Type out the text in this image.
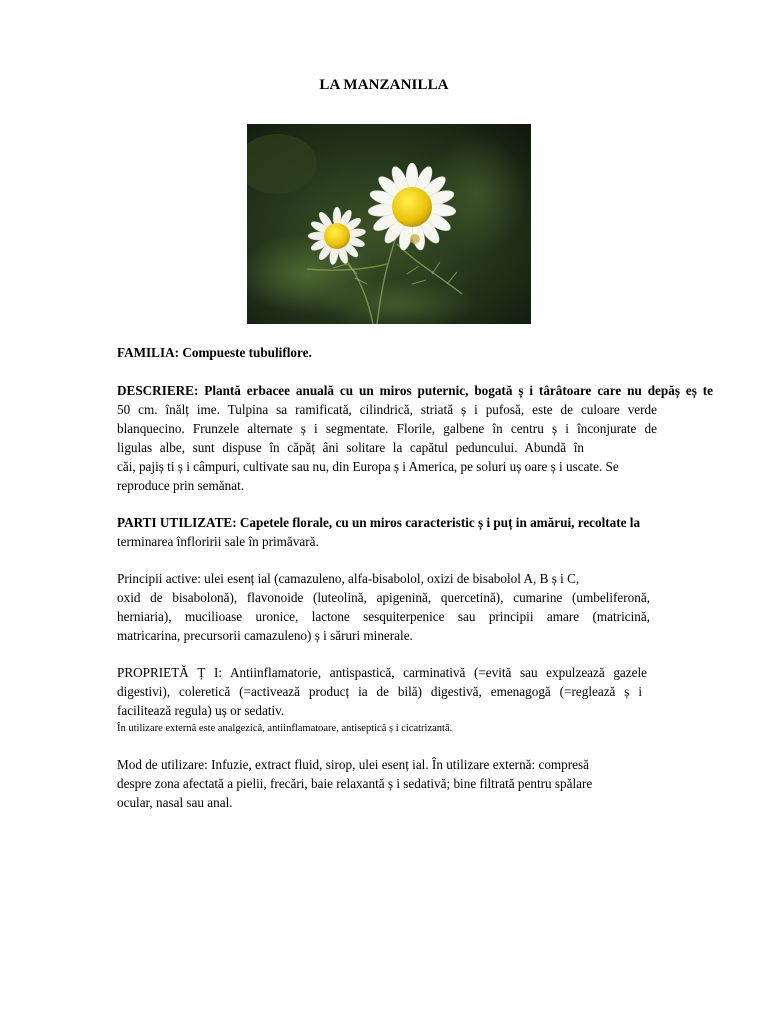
LA MANZANILLA
FAMILIA: Compueste tubuliflore.
DESCRIERE: Plantă erbacee anuală cu un miros puternic, bogată ș i târâtoare care nu depăș eș te
50 cm. înălț ime. Tulpina sa ramificată, cilindrică, striată ș i pufosă, este de culoare verde
blanquecino. Frunzele alternate ș i segmentate. Florile, galbene în centru ș i înconjurate de
ligulas albe, sunt dispuse în căpăț âni solitare la capătul peduncului. Abundă în
căi, pajiș ti ș i câmpuri, cultivate sau nu, din Europa ș i America, pe soluri uș oare ș i uscate. Se
reproduce prin semănat.
PARTI UTILIZATE: Capetele florale, cu un miros caracteristic ș i puț in amărui, recoltate la
terminarea înfloririi sale în primăvară.
Principii active: ulei esenț ial (camazuleno, alfa-bisabolol, oxizi de bisabolol A, B ș i C,
oxid de bisabolonă), flavonoide (luteolină, apigenină, quercetină), cumarine (umbeliferonă,
herniaria), mucilioase uronice, lactone sesquiterpenice sau principii amare (matricină,
matricarina, precursorii camazuleno) ș i săruri minerale.
PROPRIETĂ Ț I: Antiinflamatorie, antispastică, carminativă (=evită sau expulzează gazele
digestivi), coleretică (=activează producț ia de bilă) digestivă, emenagogă (=reglează ș i
facilitează regula) uș or sedativ.
În utilizare externă este analgezică, antiinflamatoare, antiseptică ș i cicatrizantă.
Mod de utilizare: Infuzie, extract fluid, sirop, ulei esenț ial. În utilizare externă: compresă
despre zona afectată a pielii, frecări, baie relaxantă ș i sedativă; bine filtrată pentru spălare
ocular, nasal sau anal.
